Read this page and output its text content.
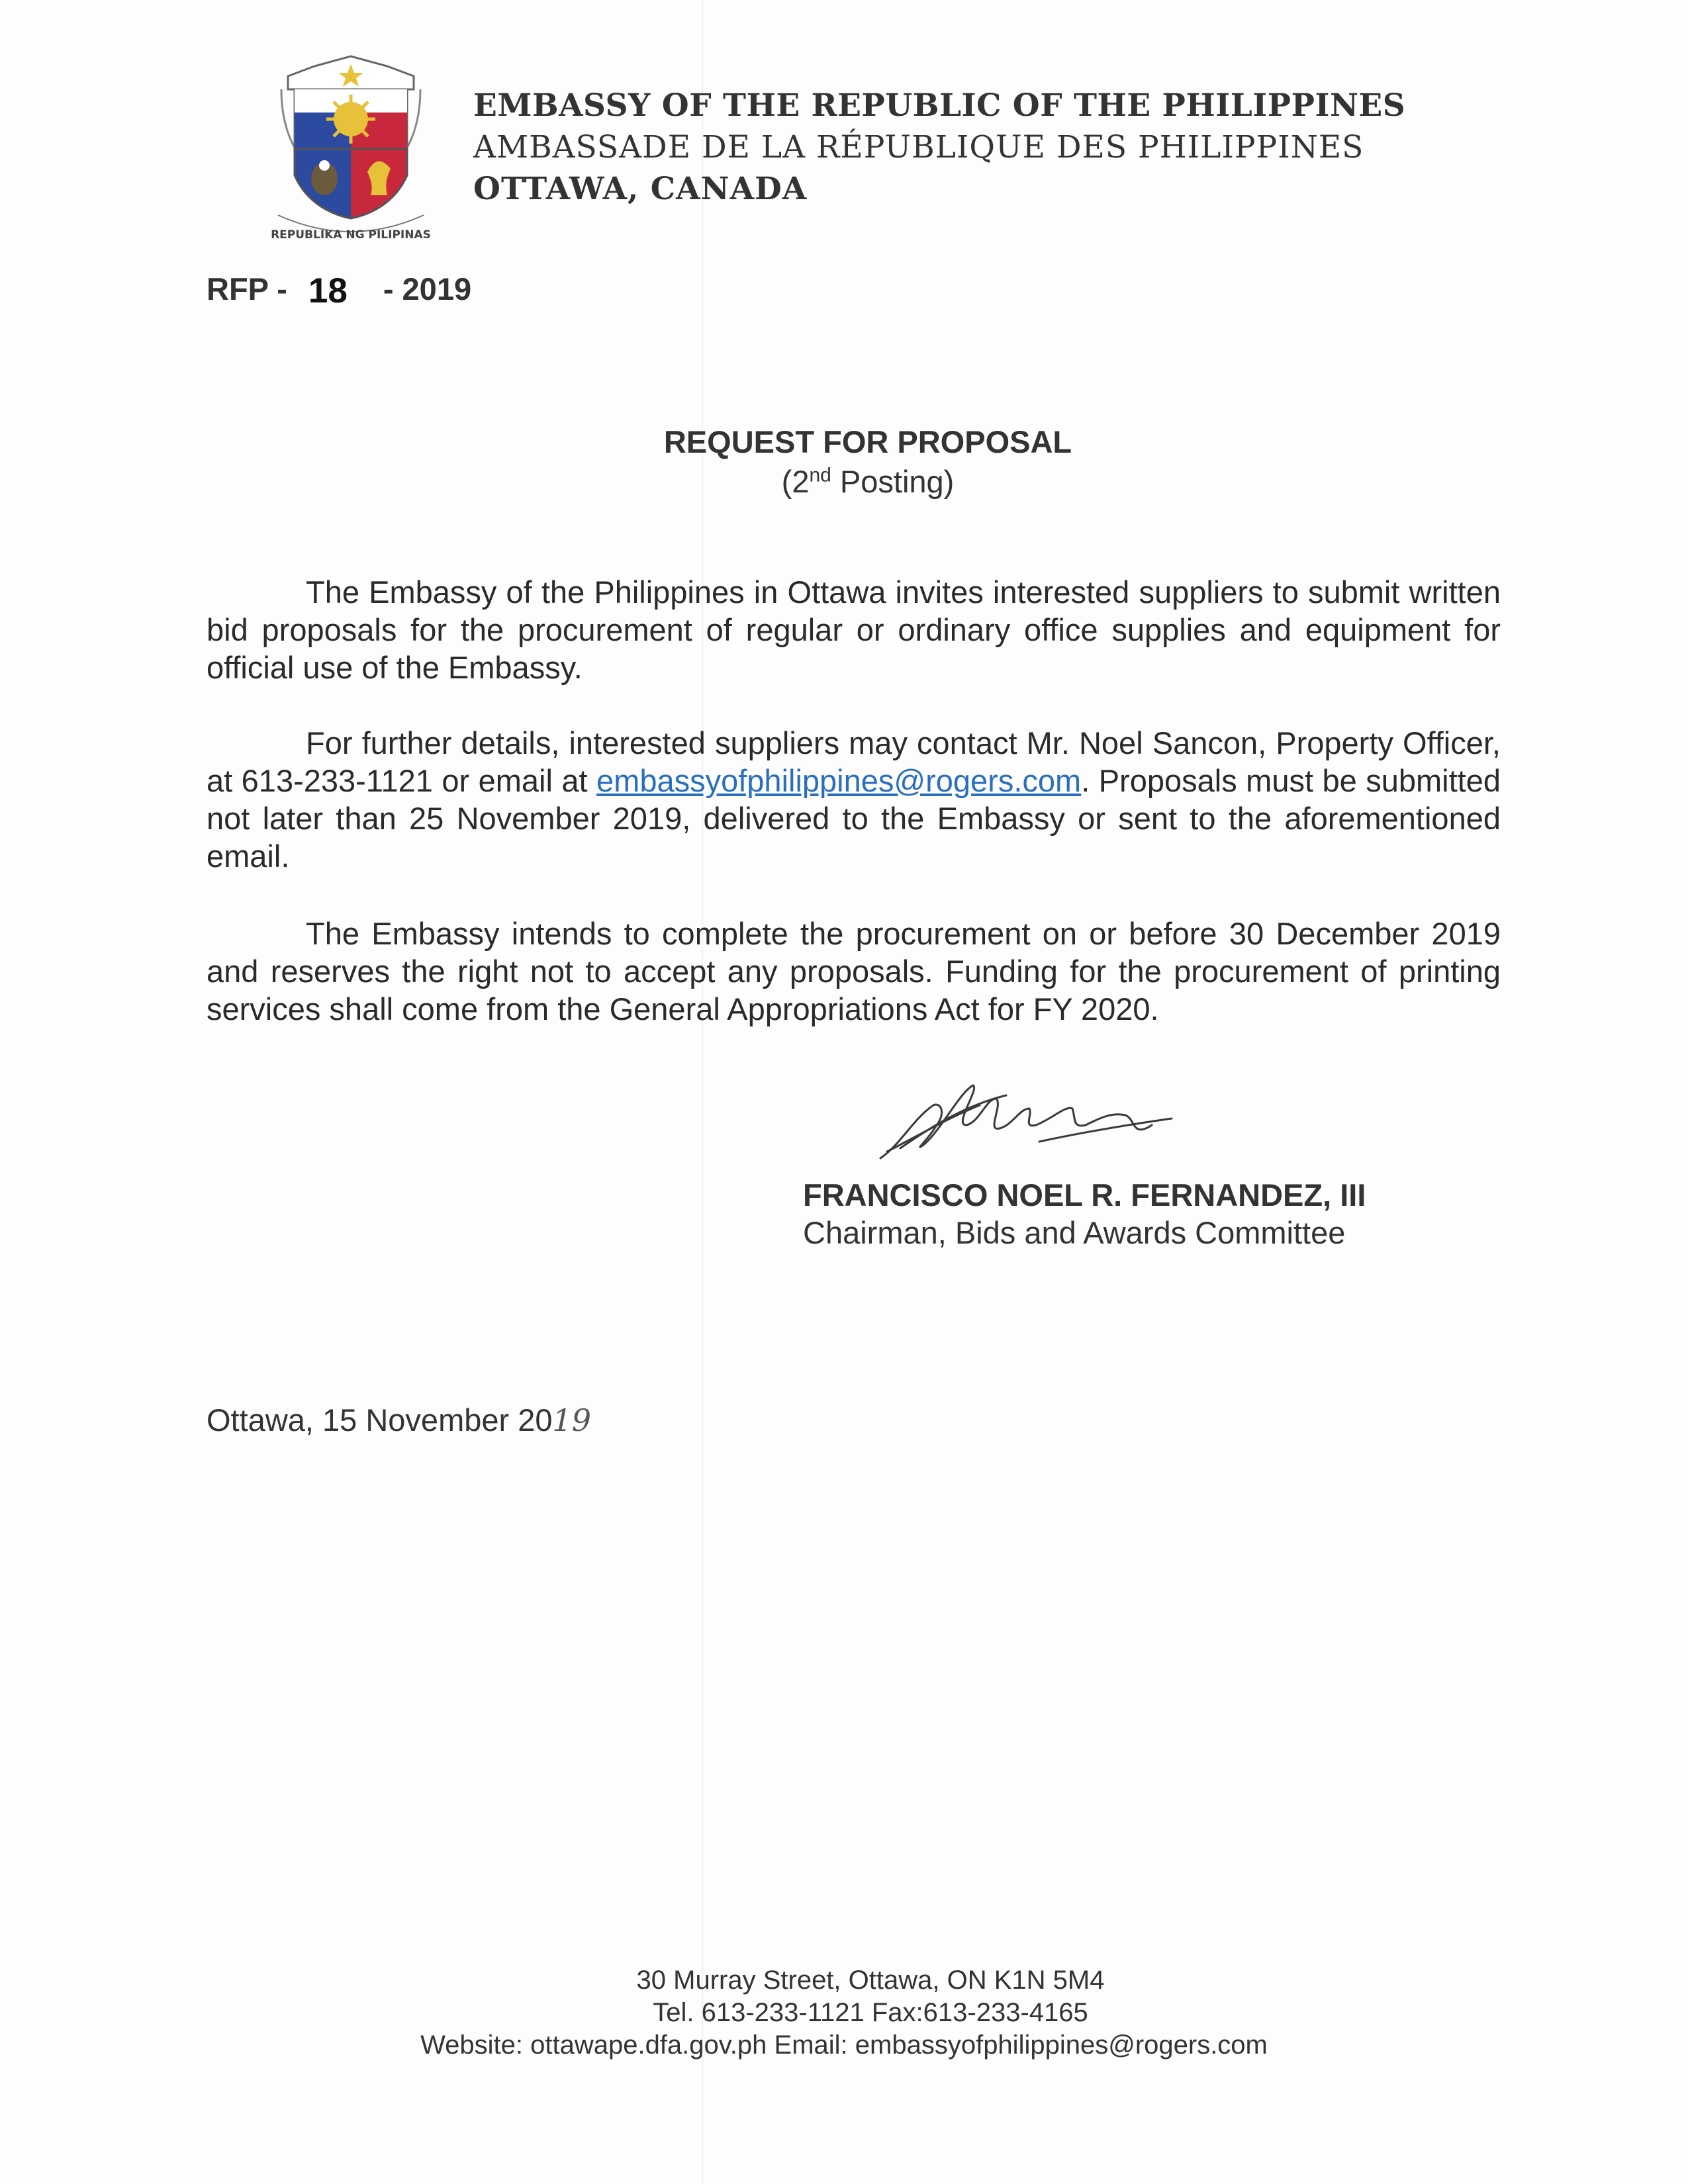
REPUBLIKA NG PILIPINAS
EMBASSY OF THE REPUBLIC OF THE PHILIPPINES
AMBASSADE DE LA RÉPUBLIQUE DES PHILIPPINES
OTTAWA, CANADA
RFP - 18 - 2019
REQUEST FOR PROPOSAL
(2nd Posting)
The Embassy of the Philippines in Ottawa invites interested suppliers to submit written bid proposals for the procurement of regular or ordinary office supplies and equipment for official use of the Embassy.
For further details, interested suppliers may contact Mr. Noel Sancon, Property Officer, at 613-233-1121 or email at embassyofphilippines@rogers.com. Proposals must be submitted not later than 25 November 2019, delivered to the Embassy or sent to the aforementioned email.
The Embassy intends to complete the procurement on or before 30 December 2019 and reserves the right not to accept any proposals. Funding for the procurement of printing services shall come from the General Appropriations Act for FY 2020.
FRANCISCO NOEL R. FERNANDEZ, III
Chairman, Bids and Awards Committee
Ottawa, 15 November 2019
30 Murray Street, Ottawa, ON K1N 5M4
Tel. 613-233-1121 Fax:613-233-4165
Website: ottawape.dfa.gov.ph Email: embassyofphilippines@rogers.com
